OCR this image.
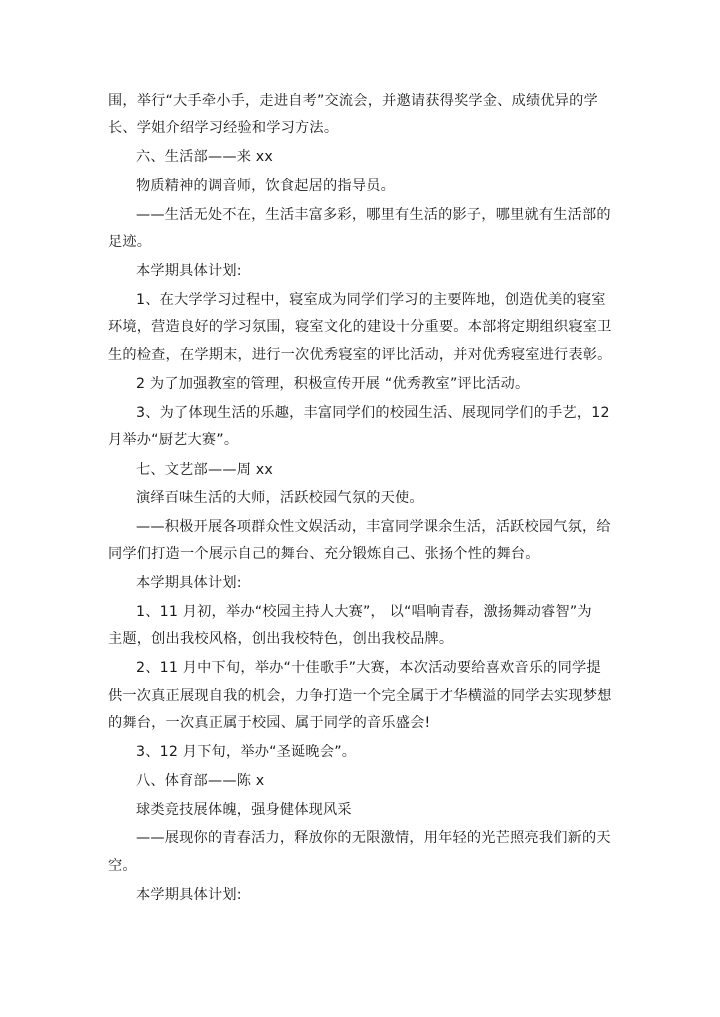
围，举行“大手牵小手，走进自考”交流会，并邀请获得奖学金、成绩优异的学
长、学姐介绍学习经验和学习方法。
六、生活部——来 xx
物质精神的调音师，饮食起居的指导员。
——生活无处不在，生活丰富多彩，哪里有生活的影子，哪里就有生活部的
足迹。
本学期具体计划:
1、在大学学习过程中，寝室成为同学们学习的主要阵地，创造优美的寝室
环境，营造良好的学习氛围，寝室文化的建设十分重要。本部将定期组织寝室卫
生的检查，在学期末，进行一次优秀寝室的评比活动，并对优秀寝室进行表彰。
2 为了加强教室的管理，积极宣传开展 “优秀教室”评比活动。
3、为了体现生活的乐趣，丰富同学们的校园生活、展现同学们的手艺，12
月举办“厨艺大赛”。
七、文艺部——周 xx
演绎百味生活的大师，活跃校园气氛的天使。
——积极开展各项群众性文娱活动，丰富同学课余生活，活跃校园气氛，给
同学们打造一个展示自己的舞台、充分锻炼自己、张扬个性的舞台。
本学期具体计划:
1、11 月初，举办“校园主持人大赛”， 以“唱响青春，激扬舞动睿智”为
主题，创出我校风格，创出我校特色，创出我校品牌。
2、11 月中下旬，举办“十佳歌手”大赛，本次活动要给喜欢音乐的同学提
供一次真正展现自我的机会，力争打造一个完全属于才华横溢的同学去实现梦想
的舞台，一次真正属于校园、属于同学的音乐盛会!
3、12 月下旬，举办“圣诞晚会”。
八、体育部——陈 x
球类竞技展体魄，强身健体现风采
——展现你的青春活力，释放你的无限激情，用年轻的光芒照亮我们新的天
空。
本学期具体计划:
